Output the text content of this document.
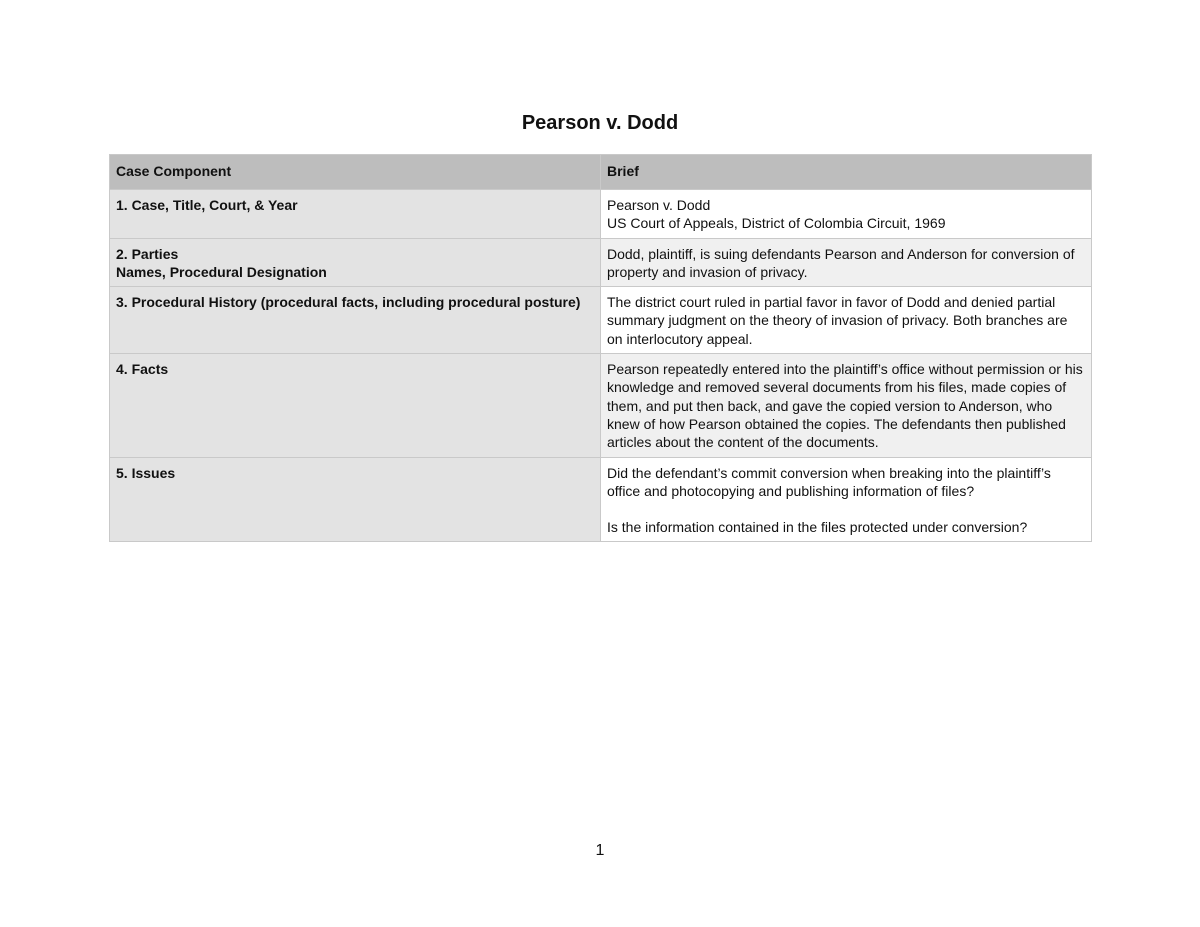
Pearson v. Dodd
Case Component	Brief

1. Case, Title, Court, & Year	Pearson v. Dodd
US Court of Appeals, District of Colombia Circuit, 1969

2. Parties
Names, Procedural Designation	Dodd, plaintiff, is suing defendants Pearson and Anderson for conversion of property and invasion of privacy.

3. Procedural History (procedural facts, including procedural posture)	The district court ruled in partial favor in favor of Dodd and denied partial summary judgment on the theory of invasion of privacy. Both branches are on interlocutory appeal.

4. Facts	Pearson repeatedly entered into the plaintiff’s office without permission or his knowledge and removed several documents from his files, made copies of them, and put then back, and gave the copied version to Anderson, who knew of how Pearson obtained the copies. The defendants then published articles about the content of the documents.

5. Issues	Did the defendant’s commit conversion when breaking into the plaintiff’s office and photocopying and publishing information of files?
Is the information contained in the files protected under conversion?
1
